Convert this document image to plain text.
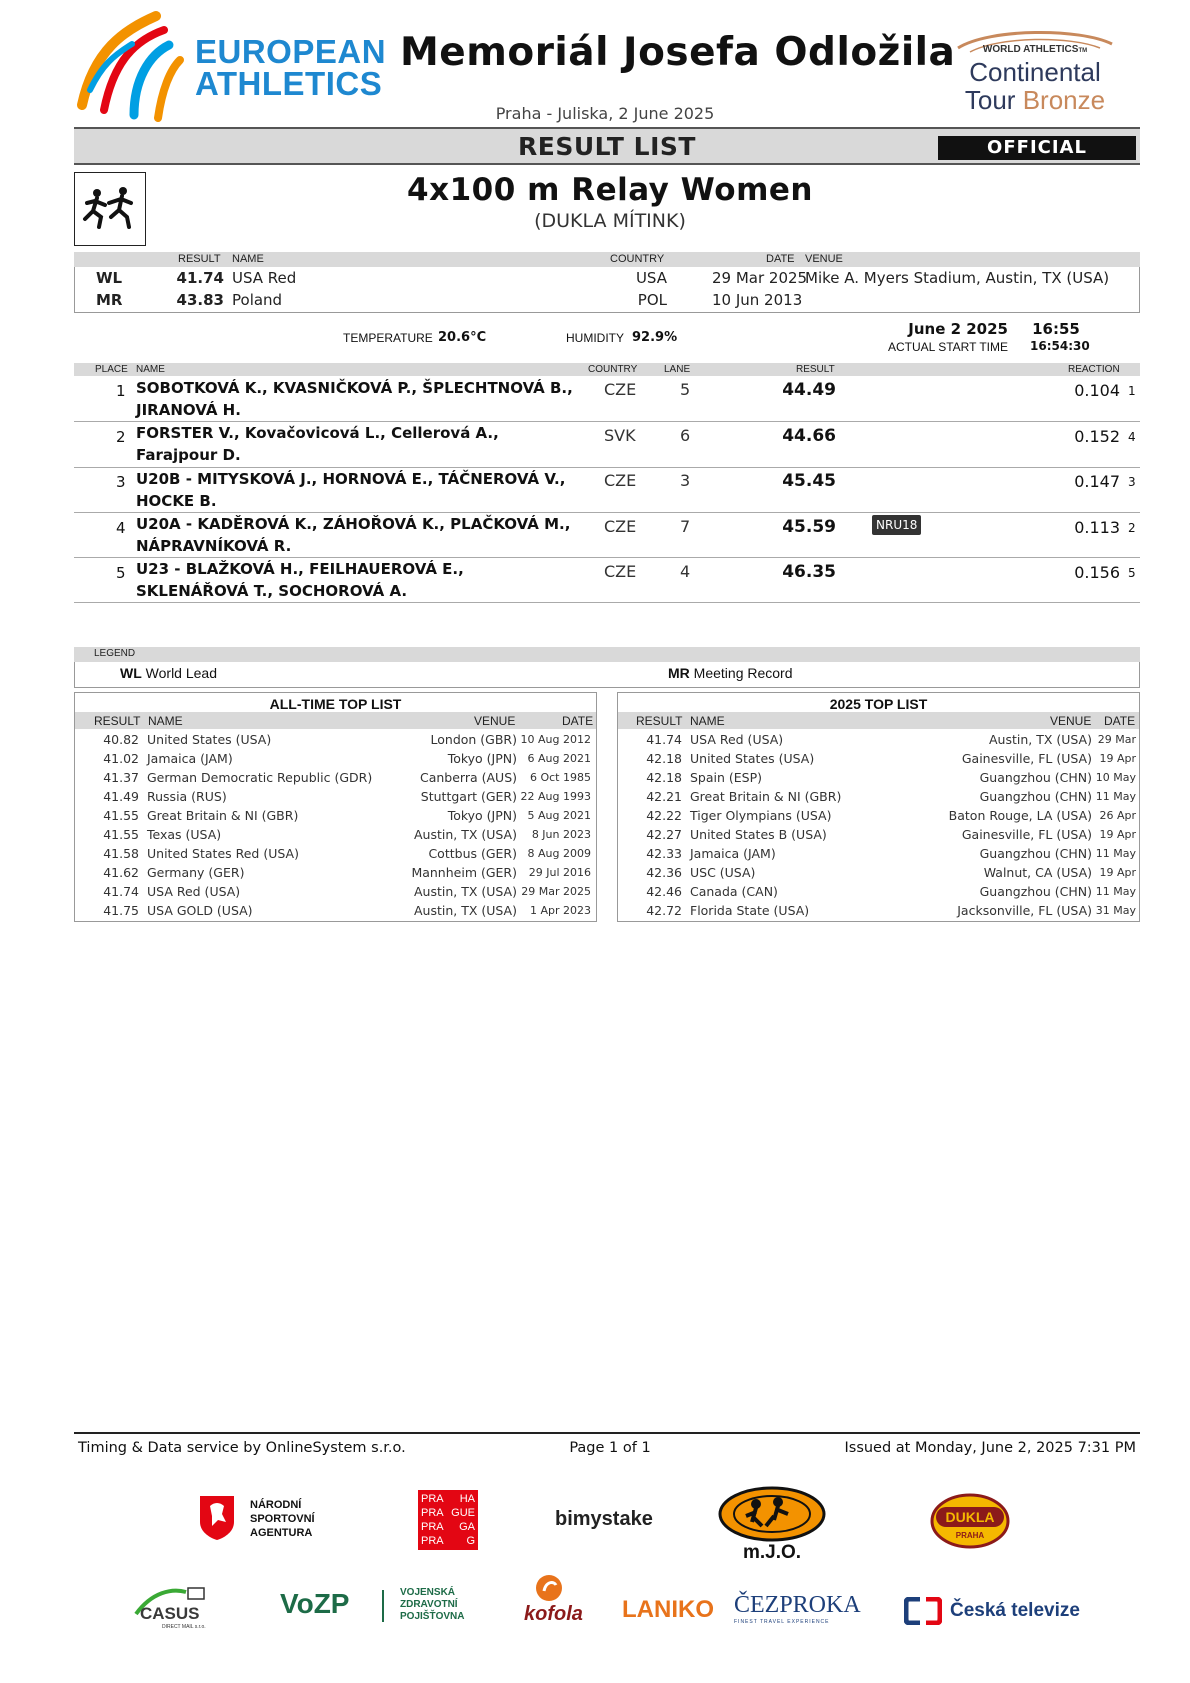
EUROPEAN
ATHLETICS
Memoriál Josefa Odložila
Praha - Juliska, 2 June 2025
WORLD ATHLETICSTM
Continental
Tour Bronze
RESULT LIST	OFFICIAL
4x100 m Relay Women
(DUKLA MÍTINK)
RESULT NAME	COUNTRY	DATE VENUE
WL	41.74 USA Red	USA	29 Mar 2025
Mike A. Myers Stadium, Austin, TX (USA)
MR	43.83 Poland	POL	10 Jun 2013
TEMPERATURE 20.6°C	HUMIDITY 92.9%	June 2 2025 16:55
ACTUAL START TIME 16:54:30
PLACE NAME	COUNTRY	LANE	RESULT	REACTION
1 SOBOTKOVÁ K., KVASNIČKOVÁ P., ŠPLECHTNOVÁ B.,
JIRANOVÁ H.
CZE	5	44.49	0.104 1
2 FORSTER V., Kovačovicová L., Cellerová A.,
Farajpour D.
SVK	6	44.66	0.152 4
3 U20B - MITYSKOVÁ J., HORNOVÁ E., TÁČNEROVÁ V.,
HOCKE B.
CZE	3	45.45	0.147 3
4 U20A - KADĚROVÁ K., ZÁHOŘOVÁ K., PLAČKOVÁ M.,
NÁPRAVNÍKOVÁ R.
CZE	7	45.59	NRU18	0.113 2
5 U23 - BLAŽKOVÁ H., FEILHAUEROVÁ E.,
SKLENÁŘOVÁ T., SOCHOROVÁ A.
CZE	4	46.35	0.156 5
LEGEND
WL World Lead	MR Meeting Record
ALL-TIME TOP LIST
RESULT NAME	VENUE	DATE
40.82 United States (USA)	London (GBR) 10 Aug 2012
41.02 Jamaica (JAM)	Tokyo (JPN) 6 Aug 2021
41.37 German Democratic Republic (GDR)	Canberra (AUS)	6 Oct 1985
41.49 Russia (RUS)	Stuttgart (GER) 22 Aug 1993
41.55 Great Britain & NI (GBR)	Tokyo (JPN) 5 Aug 2021
41.55 Texas (USA)	Austin, TX (USA)	8 Jun 2023
41.58 United States Red (USA)	Cottbus (GER) 8 Aug 2009
41.62 Germany (GER)	Mannheim (GER)	29 Jul 2016
41.74 USA Red (USA)	Austin, TX (USA) 29 Mar 2025
41.75 USA GOLD (USA)	Austin, TX (USA)	1 Apr 2023
2025 TOP LIST
RESULT NAME	VENUE DATE
41.74 USA Red (USA)	Austin, TX (USA) 29 Mar
42.18 United States (USA)	Gainesville, FL (USA) 19 Apr
42.18 Spain (ESP)	Guangzhou (CHN) 10 May
42.21 Great Britain & NI (GBR)	Guangzhou (CHN) 11 May
42.22 Tiger Olympians (USA)	Baton Rouge, LA (USA) 26 Apr
42.27 United States B (USA)	Gainesville, FL (USA) 19 Apr
42.33 Jamaica (JAM)	Guangzhou (CHN) 11 May
42.36 USC (USA)	Walnut, CA (USA) 19 Apr
42.46 Canada (CAN)	Guangzhou (CHN) 11 May
42.72 Florida State (USA)	Jacksonville, FL (USA) 31 May
Timing & Data service by OnlineSystem s.r.o.	Page 1 of 1	Issued at Monday, June 2, 2025 7:31 PM
NÁRODNÍ
SPORTOVNÍ
AGENTURA
PRA HA
PRA GUE
PRA GA
PRA G
bimystake
m.J.O.
DUKLA
PRAHA
CASUS
DIRECT MAIL s.r.o.
VoZP	VOJENSKÁ
ZDRAVOTNÍ
POJIŠŤOVNA	kofola LANIKO ČEZPROKA
FINEST TRAVEL EXPERIENCE
Česká televize
